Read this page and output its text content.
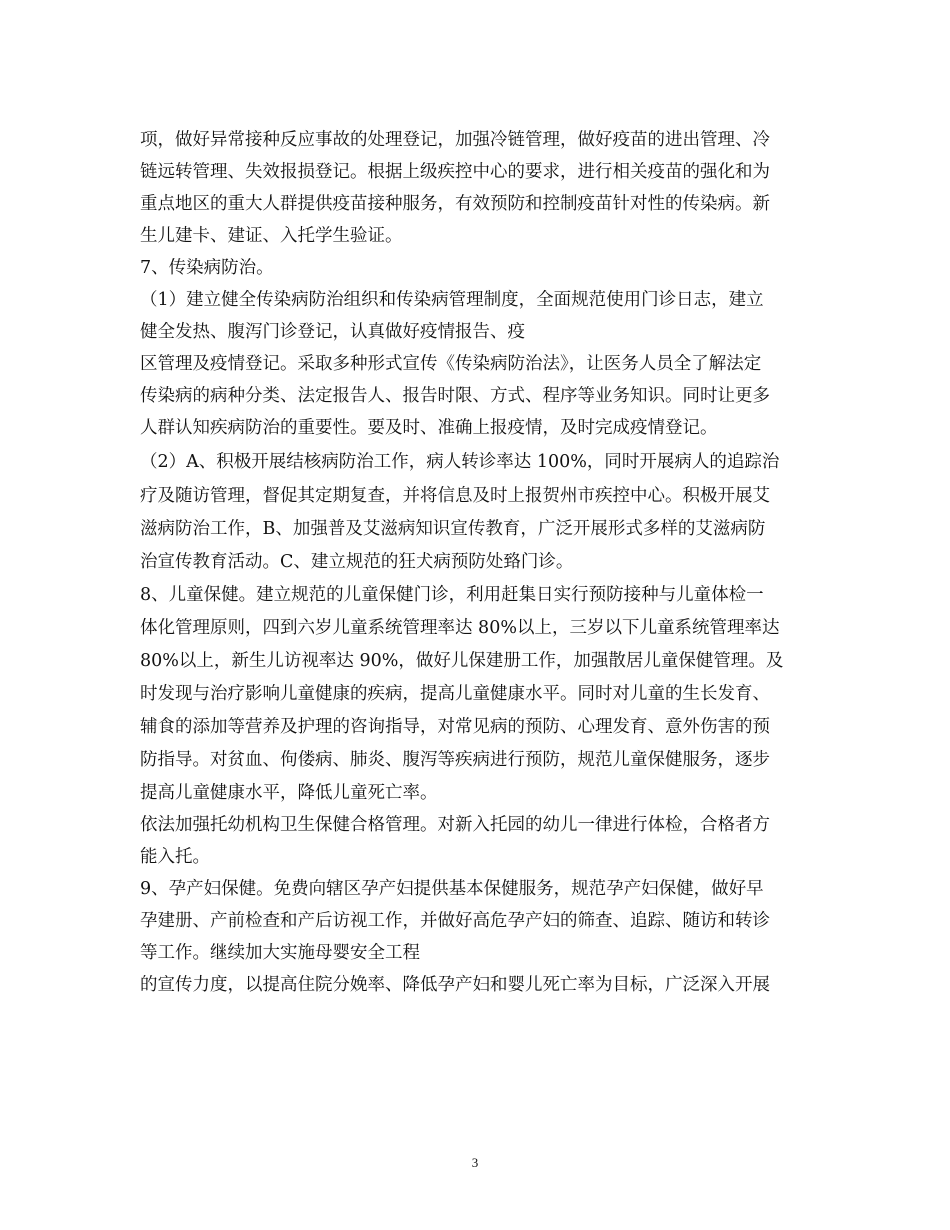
项，做好异常接种反应事故的处理登记，加强冷链管理，做好疫苗的进出管理、冷
链远转管理、失效报损登记。根据上级疾控中心的要求，进行相关疫苗的强化和为
重点地区的重大人群提供疫苗接种服务，有效预防和控制疫苗针对性的传染病。新
生儿建卡、建证、入托学生验证。
7、传染病防治。
（1）建立健全传染病防治组织和传染病管理制度，全面规范使用门诊日志，建立
健全发热、腹泻门诊登记，认真做好疫情报告、疫
区管理及疫情登记。采取多种形式宣传《传染病防治法》，让医务人员全了解法定
传染病的病种分类、法定报告人、报告时限、方式、程序等业务知识。同时让更多
人群认知疾病防治的重要性。要及时、准确上报疫情，及时完成疫情登记。
（2）A、积极开展结核病防治工作，病人转诊率达 100%，同时开展病人的追踪治
疗及随访管理，督促其定期复查，并将信息及时上报贺州市疾控中心。积极开展艾
滋病防治工作，B、加强普及艾滋病知识宣传教育，广泛开展形式多样的艾滋病防
治宣传教育活动。C、建立规范的狂犬病预防处臵门诊。
8、儿童保健。建立规范的儿童保健门诊，利用赶集日实行预防接种与儿童体检一
体化管理原则，四到六岁儿童系统管理率达 80%以上，三岁以下儿童系统管理率达
80%以上，新生儿访视率达 90%，做好儿保建册工作，加强散居儿童保健管理。及
时发现与治疗影响儿童健康的疾病，提高儿童健康水平。同时对儿童的生长发育、
辅食的添加等营养及护理的咨询指导，对常见病的预防、心理发育、意外伤害的预
防指导。对贫血、佝偻病、肺炎、腹泻等疾病进行预防，规范儿童保健服务，逐步
提高儿童健康水平，降低儿童死亡率。
依法加强托幼机构卫生保健合格管理。对新入托园的幼儿一律进行体检，合格者方
能入托。
9、孕产妇保健。免费向辖区孕产妇提供基本保健服务，规范孕产妇保健，做好早
孕建册、产前检查和产后访视工作，并做好高危孕产妇的筛查、追踪、随访和转诊
等工作。继续加大实施母婴安全工程
的宣传力度，以提高住院分娩率、降低孕产妇和婴儿死亡率为目标，广泛深入开展
3
